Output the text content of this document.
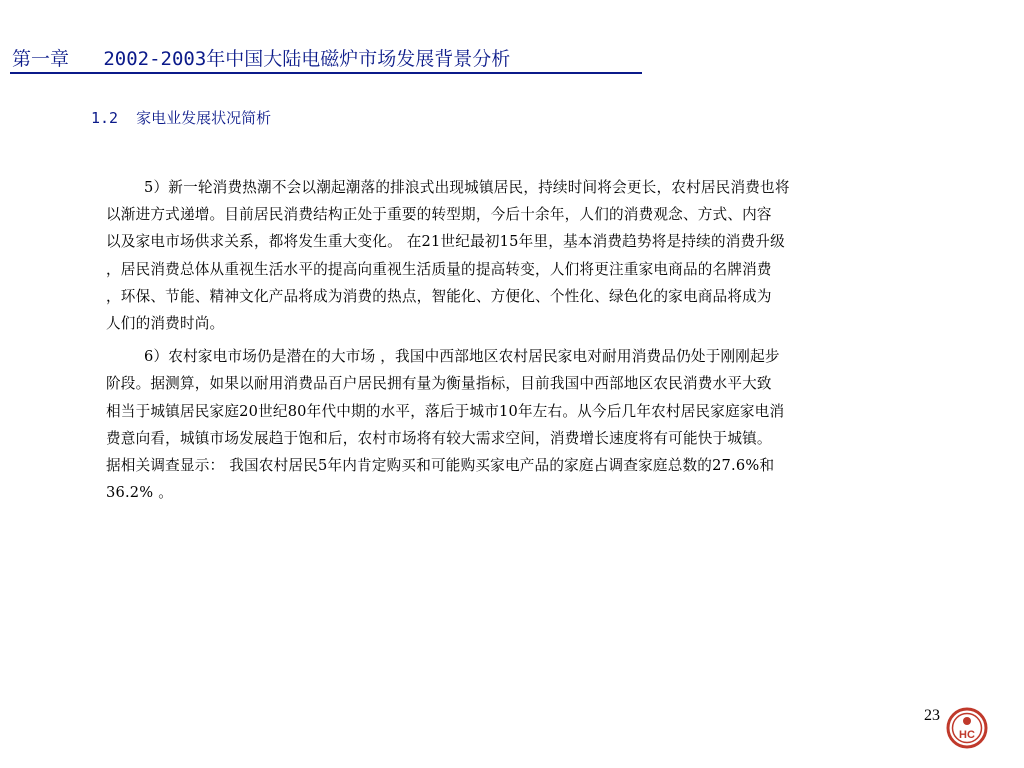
第一章   2002-2003年中国大陆电磁炉市场发展背景分析
1.2  家电业发展状况简析

5）新一轮消费热潮不会以潮起潮落的排浪式出现城镇居民，持续时间将会更长，农村居民消费也将
以渐进方式递增。目前居民消费结构正处于重要的转型期，今后十余年，人们的消费观念、方式、内容
以及家电市场供求关系，都将发生重大变化。 在21世纪最初15年里，基本消费趋势将是持续的消费升级
，居民消费总体从重视生活水平的提高向重视生活质量的提高转变，人们将更注重家电商品的名牌消费
，环保、节能、精神文化产品将成为消费的热点，智能化、方便化、个性化、绿色化的家电商品将成为
人们的消费时尚。

6）农村家电市场仍是潜在的大市场 ，我国中西部地区农村居民家电对耐用消费品仍处于刚刚起步
阶段。据测算，如果以耐用消费品百户居民拥有量为衡量指标，目前我国中西部地区农民消费水平大致
相当于城镇居民家庭20世纪80年代中期的水平，落后于城市10年左右。从今后几年农村居民家庭家电消
费意向看，城镇市场发展趋于饱和后，农村市场将有较大需求空间，消费增长速度将有可能快于城镇。
据相关调查显示： 我国农村居民5年内肯定购买和可能购买家电产品的家庭占调查家庭总数的27.6%和
36.2% 。

23
HC
